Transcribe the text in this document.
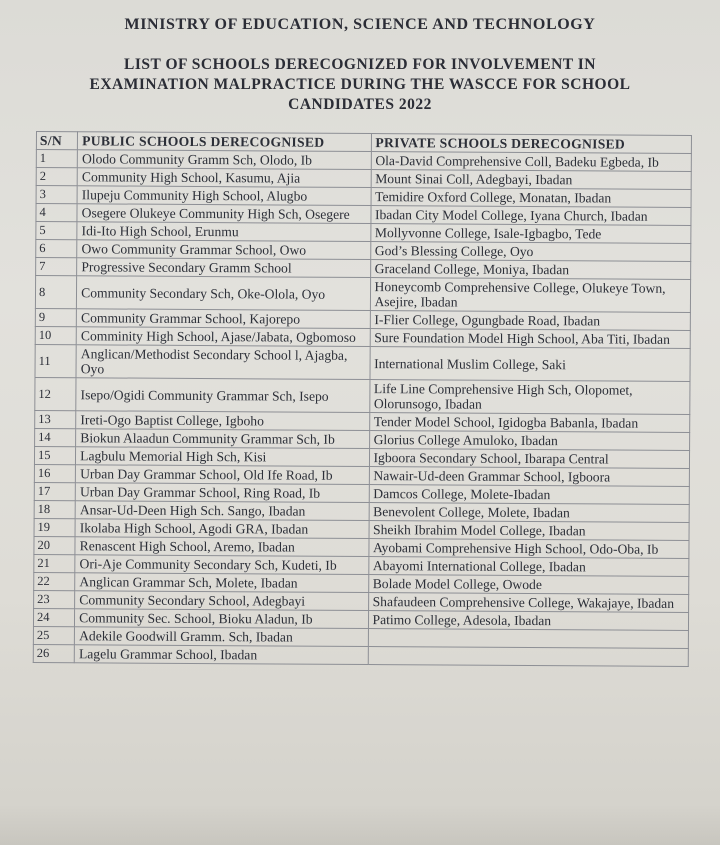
MINISTRY OF EDUCATION, SCIENCE AND TECHNOLOGY
LIST OF SCHOOLS DERECOGNIZED FOR INVOLVEMENT IN
EXAMINATION MALPRACTICE DURING THE WASCCE FOR SCHOOL
CANDIDATES 2022
S/N	PUBLIC SCHOOLS DERECOGNISED	PRIVATE SCHOOLS DERECOGNISED
1	Olodo Community Gramm Sch, Olodo, Ib	Ola-David Comprehensive Coll, Badeku Egbeda, Ib
2	Community High School, Kasumu, Ajia	Mount Sinai Coll, Adegbayi, Ibadan
3	Ilupeju Community High School, Alugbo	Temidire Oxford College, Monatan, Ibadan
4	Osegere Olukeye Community High Sch, Osegere	Ibadan City Model College, Iyana Church, Ibadan
5	Idi-Ito High School, Erunmu	Mollyvonne College, Isale-Igbagbo, Tede
6	Owo Community Grammar School, Owo	God’s Blessing College, Oyo
7	Progressive Secondary Gramm School	Graceland College, Moniya, Ibadan
8	Community Secondary Sch, Oke-Olola, Oyo	Honeycomb Comprehensive College, Olukeye Town, Asejire, Ibadan
9	Community Grammar School, Kajorepo	I-Flier College, Ogungbade Road, Ibadan
10	Comminity High School, Ajase/Jabata, Ogbomoso	Sure Foundation Model High School, Aba Titi, Ibadan
11	Anglican/Methodist Secondary School l, Ajagba, Oyo	International Muslim College, Saki
12	Isepo/Ogidi Community Grammar Sch, Isepo	Life Line Comprehensive High Sch, Olopomet, Olorunsogo, Ibadan
13	Ireti-Ogo Baptist College, Igboho	Tender Model School, Igidogba Babanla, Ibadan
14	Biokun Alaadun Community Grammar Sch, Ib	Glorius College Amuloko, Ibadan
15	Lagbulu Memorial High Sch, Kisi	Igboora Secondary School, Ibarapa Central
16	Urban Day Grammar School, Old Ife Road, Ib	Nawair-Ud-deen Grammar School, Igboora
17	Urban Day Grammar School, Ring Road, Ib	Damcos College, Molete-Ibadan
18	Ansar-Ud-Deen High Sch. Sango, Ibadan	Benevolent College, Molete, Ibadan
19	Ikolaba High School, Agodi GRA, Ibadan	Sheikh Ibrahim Model College, Ibadan
20	Renascent High School, Aremo, Ibadan	Ayobami Comprehensive High School, Odo-Oba, Ib
21	Ori-Aje Community Secondary Sch, Kudeti, Ib	Abayomi International College, Ibadan
22	Anglican Grammar Sch, Molete, Ibadan	Bolade Model College, Owode
23	Community Secondary School, Adegbayi	Shafaudeen Comprehensive College, Wakajaye, Ibadan
24	Community Sec. School, Bioku Aladun, Ib	Patimo College, Adesola, Ibadan
25	Adekile Goodwill Gramm. Sch, Ibadan	
26	Lagelu Grammar School, Ibadan	
